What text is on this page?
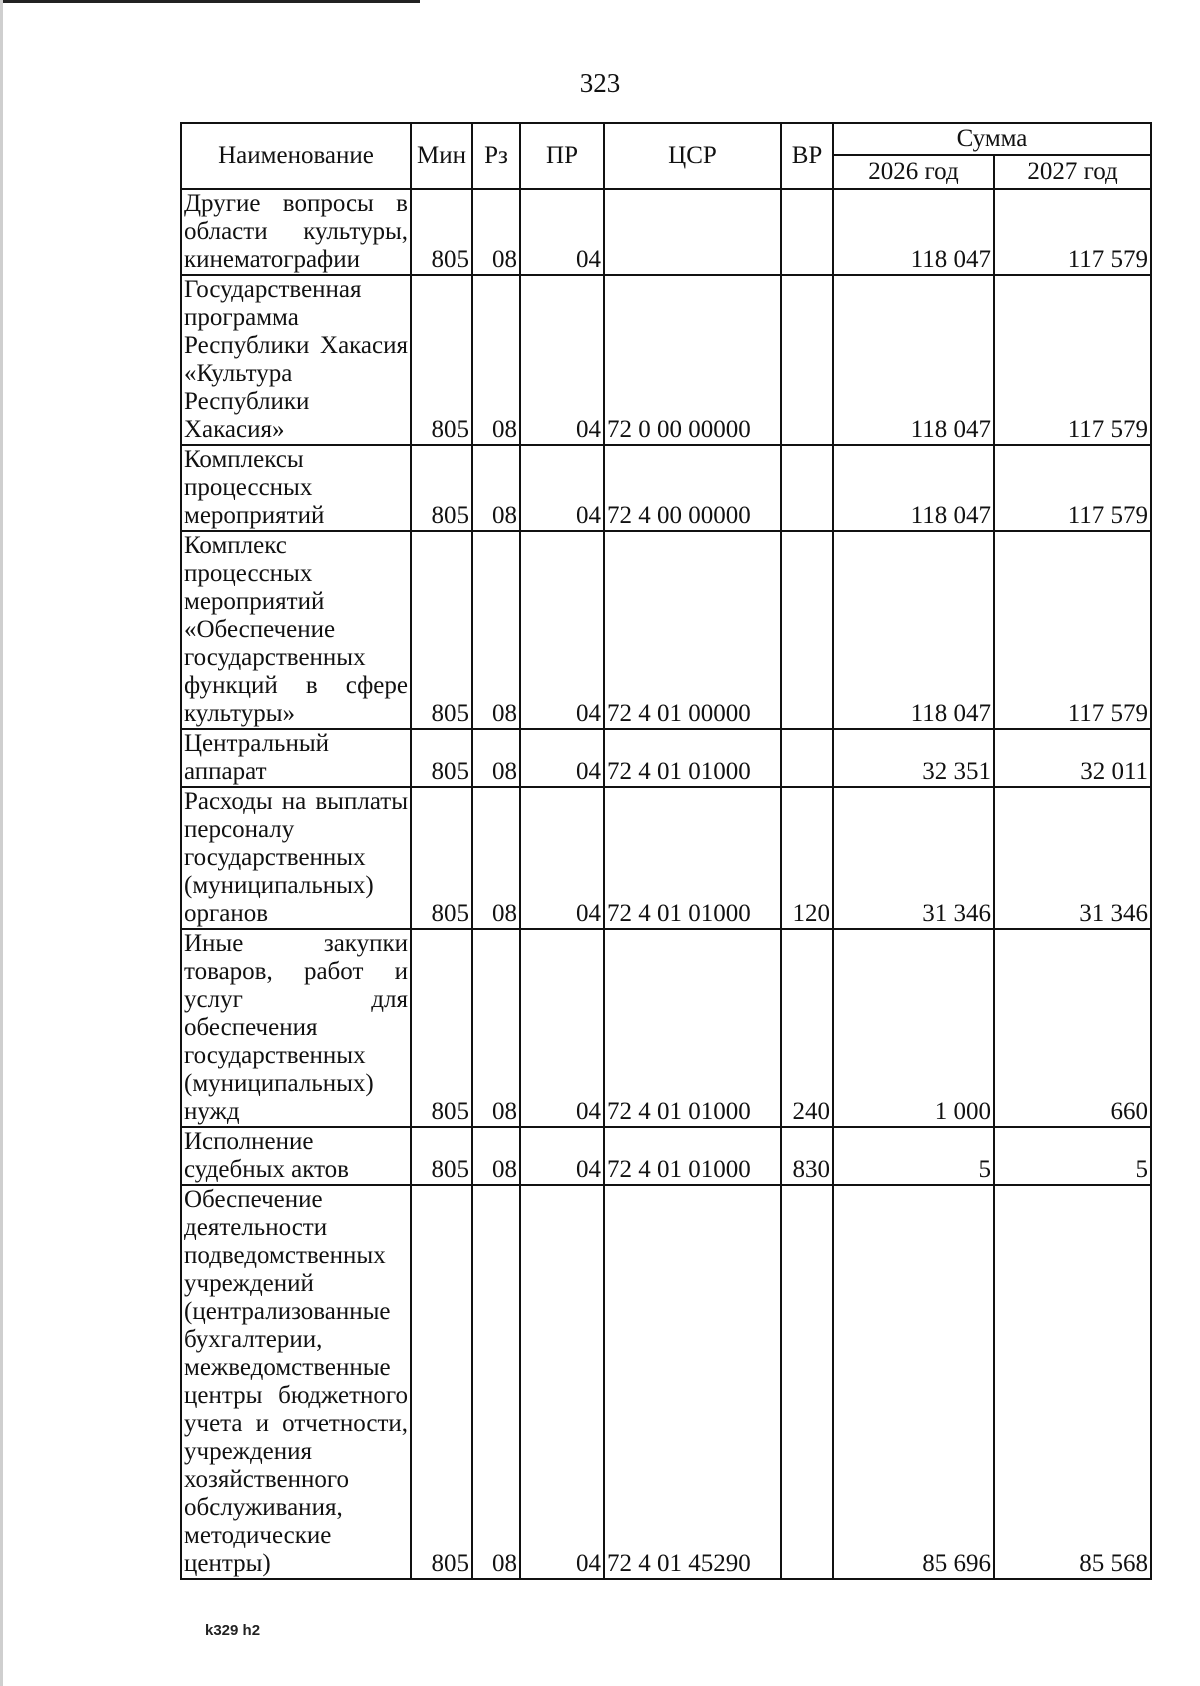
323
Наименование	Мин	Рз	ПР	ЦСР	ВР	Сумма	
						2026 год	2027 год
Другие вопросы в области культуры, кинематографии	805	08	04			118 047	117 579
Государственная программа Республики Хакасия «Культура Республики Хакасия»	805	08	04	72 0 00 00000		118 047	117 579
Комплексы процессных мероприятий	805	08	04	72 4 00 00000		118 047	117 579
Комплекс процессных мероприятий «Обеспечение государственных функций в сфере культуры»	805	08	04	72 4 01 00000		118 047	117 579
Центральный аппарат	805	08	04	72 4 01 01000		32 351	32 011
Расходы на выплаты персоналу государственных (муниципальных) органов	805	08	04	72 4 01 01000	120	31 346	31 346
Иные закупки товаров, работ и услуг для обеспечения государственных (муниципальных) нужд	805	08	04	72 4 01 01000	240	1 000	660
Исполнение судебных актов	805	08	04	72 4 01 01000	830	5	5
Обеспечение деятельности подведомственных учреждений (централизованные бухгалтерии, межведомственные центры бюджетного учета и отчетности, учреждения хозяйственного обслуживания, методические центры)	805	08	04	72 4 01 45290		85 696	85 568
k329 h2
